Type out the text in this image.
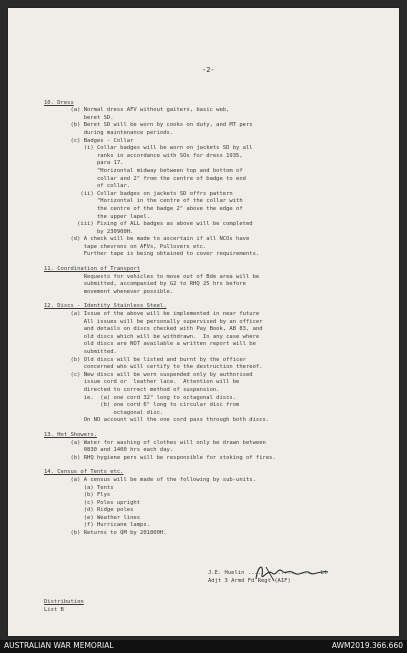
-2-

10. Dress
(a) Normal dress AFV without gaiters, basic web,
beret SD.
(b) Beret SD will be worn by cooks on duty, and MT pers
during maintenance periods.
(c) Badges - Collar
(i) Collar badges will be worn on jackets SD by all
ranks in accordance with SOs for dress 1935,
para 17.
"Horizontal midway between top and bottom of
collar and 2" from the centre of badge to end
of collar.
(ii) Collar badges on jackets SD offrs pattern
"Horizontal in the centre of the collar with
the centre of the badge 2" above the edge of
the upper lapel.
(iii) Fixing of ALL badges as above will be completed
by 230900H.
(d) A check will be made to ascertain if all NCOs have
tape chevrons on AFVs, Pullovers etc.
Further tape is being obtained to cover requirements.
11. Coordination of Transport
Requests for vehicles to move out of Bde area will be
submitted, accompanied by G2 to RHQ 25 hrs before
movement whenever possible.
12. Discs - Identity Stainless Steel.
(a) Issue of the above will be implemented in near future
All issues will be personally supervised by an officer
and details on discs checked with Pay Book, AB 83, and
old discs which will be withdrawn.  In any case where
old discs are NOT available a written report will be
submitted.
(b) Old discs will be listed and burnt by the officer
concerned who will certify to the destruction thereof.
(c) New discs will be worn suspended only by authorised
issue cord or  leather lace.  Attention will be
directed to correct method of suspension.
ie.  (a) one cord 32" long to octagonal discs.
(b) one cord 6" long to circular disc from
octagonal disc.
On NO account will the one cord pass through both discs.
13. Hot Showers.
(a) Water for washing of clothes will only be drawn between
0830 and 1400 hrs each day.
(b) RHQ hygiene pers will be responsible for stoking of fires.
14. Census of Tents etc.
(a) A census will be made of the following by sub-units.
(a) Tents
(b) Flys
(c) Poles upright
(d) Ridge poles
(e) Weather lines
(f) Hurricane lamps.
(b) Returns to QM by 201800H.

J.E. Huelin ..................... Lt
Adjt 3 Armd Fd Regt (AIF)
Distribution
List B
AUSTRALIAN WAR MEMORIAL	AWM2019.366.660
